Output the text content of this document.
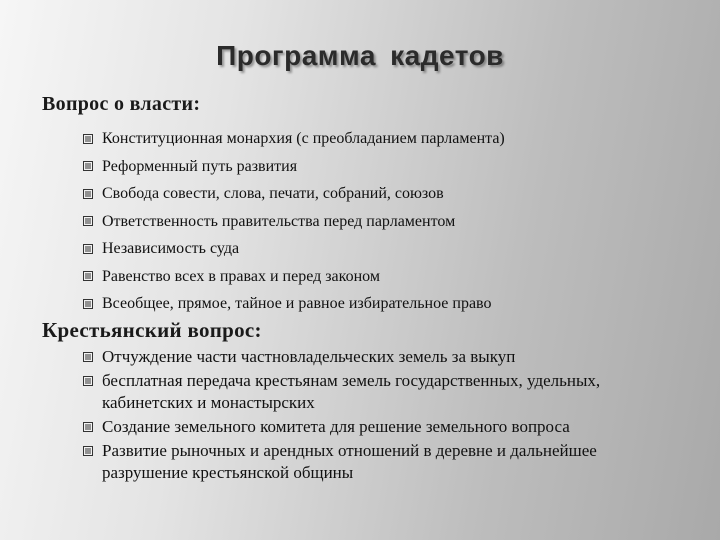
Программа кадетов
Вопрос о власти:
Конституционная монархия (с преобладанием парламента)
Реформенный путь развития
Свобода совести, слова, печати, собраний, союзов
Ответственность правительства перед парламентом
Независимость суда
Равенство всех в правах и перед законом
Всеобщее, прямое, тайное и равное избирательное право
Крестьянский вопрос:
Отчуждение части частновладельческих земель за выкуп
бесплатная передача крестьянам земель государственных, удельных, кабинетских и монастырских
Создание земельного комитета для решение земельного вопроса
Развитие рыночных и арендных отношений в деревне и дальнейшее разрушение крестьянской общины
